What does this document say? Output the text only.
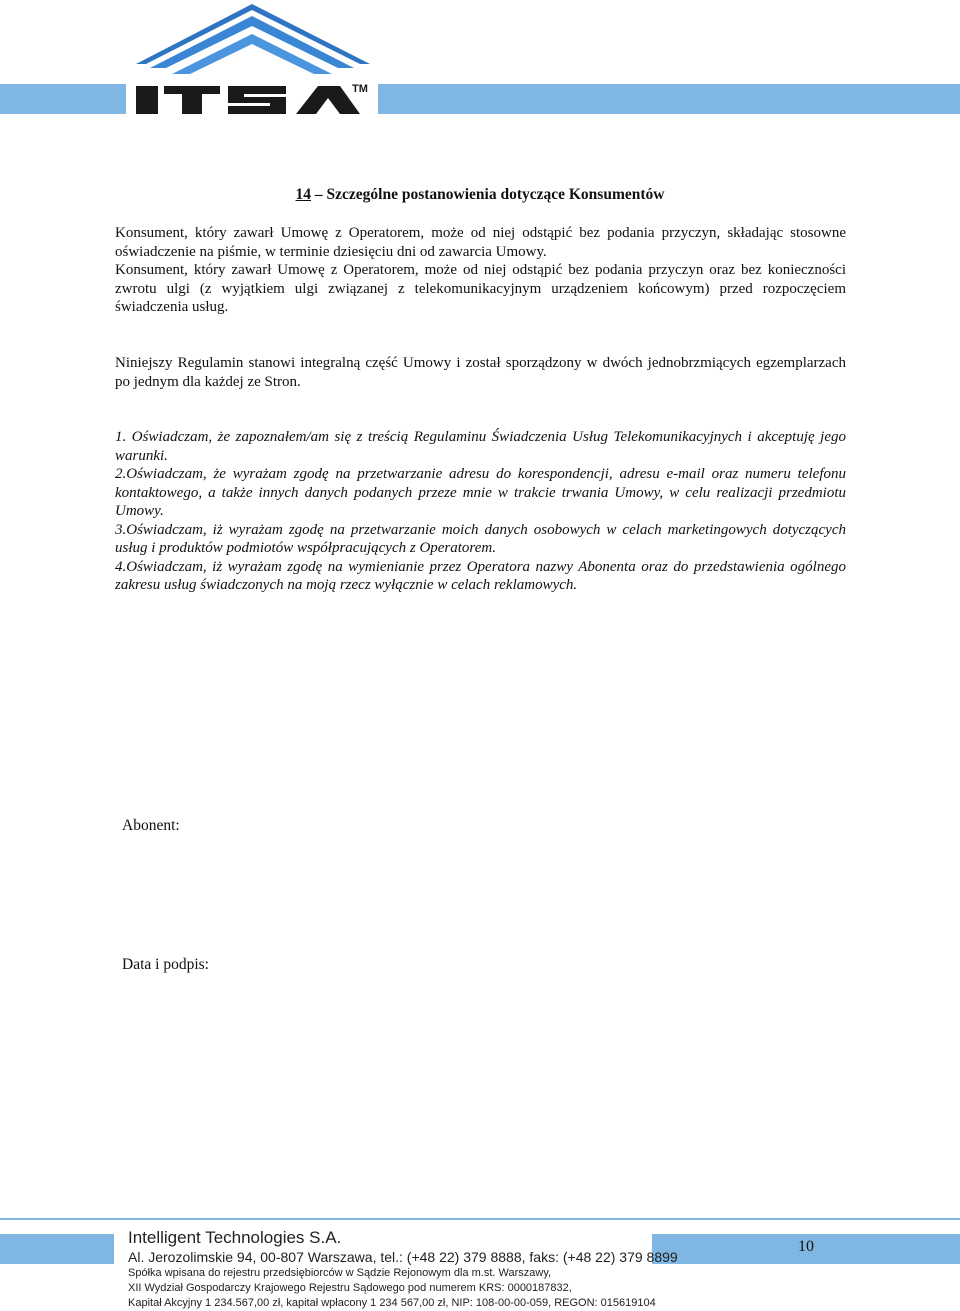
TM
14 – Szczególne postanowienia dotyczące Konsumentów

Konsument, który zawarł Umowę z Operatorem, może od niej odstąpić bez podania przyczyn, składając stosowne oświadczenie na piśmie, w terminie dziesięciu dni od zawarcia Umowy.

Konsument, który zawarł Umowę z Operatorem, może od niej odstąpić bez podania przyczyn oraz bez konieczności zwrotu ulgi (z wyjątkiem ulgi związanej z telekomunikacyjnym urządzeniem końcowym) przed rozpoczęciem świadczenia usług.

Niniejszy Regulamin stanowi integralną część Umowy i został sporządzony w dwóch jednobrzmiących egzemplarzach po jednym dla każdej ze Stron.

1. Oświadczam, że zapoznałem/am się z treścią Regulaminu Świadczenia Usług Telekomunikacyjnych i akceptuję jego warunki.

2.Oświadczam, że wyrażam zgodę na przetwarzanie adresu do korespondencji, adresu e-mail oraz numeru telefonu kontaktowego, a także innych danych podanych przeze mnie w trakcie trwania Umowy, w celu realizacji przedmiotu Umowy.

3.Oświadczam, iż wyrażam zgodę na przetwarzanie moich danych osobowych w celach marketingowych dotyczących usług i produktów podmiotów współpracujących z Operatorem.

4.Oświadczam, iż wyrażam zgodę na wymienianie przez Operatora nazwy Abonenta oraz do przedstawienia ogólnego zakresu usług świadczonych na moją rzecz wyłącznie w celach reklamowych.

Abonent:
Data i podpis:
Intelligent Technologies S.A.
Al. Jerozolimskie 94, 00-807 Warszawa, tel.: (+48 22) 379 8888, faks: (+48 22) 379 8899
Spółka wpisana do rejestru przedsiębiorców w Sądzie Rejonowym dla m.st. Warszawy,
XII Wydział Gospodarczy Krajowego Rejestru Sądowego pod numerem KRS: 0000187832,
Kapitał Akcyjny 1 234.567,00 zł, kapitał wpłacony 1 234 567,00 zł, NIP: 108-00-00-059, REGON: 015619104
10
